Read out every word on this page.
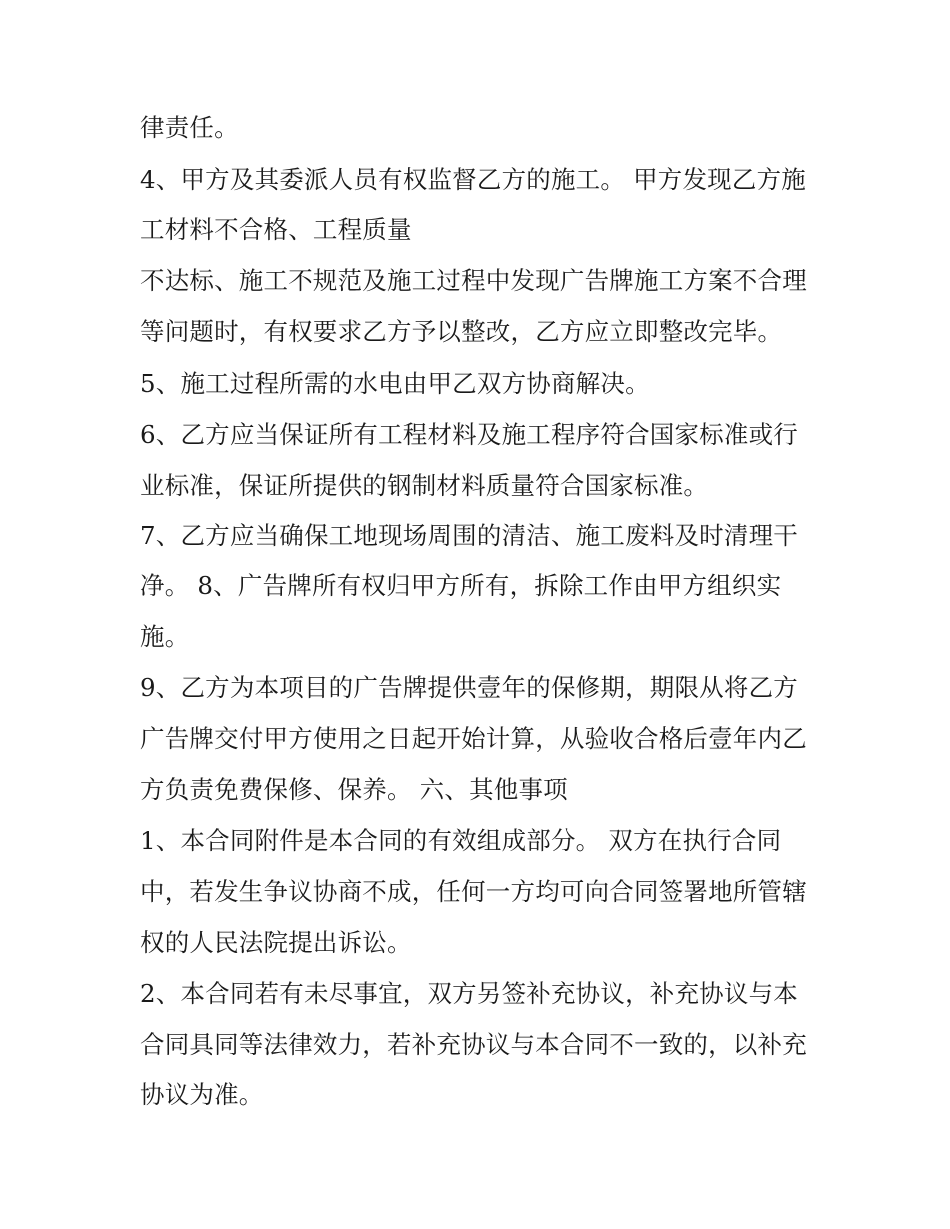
律责任。
4、甲方及其委派人员有权监督乙方的施工。 甲方发现乙方施
工材料不合格、工程质量
不达标、施工不规范及施工过程中发现广告牌施工方案不合理
等问题时，有权要求乙方予以整改，乙方应立即整改完毕。
5、施工过程所需的水电由甲乙双方协商解决。
6、乙方应当保证所有工程材料及施工程序符合国家标准或行
业标准，保证所提供的钢制材料质量符合国家标准。
7、乙方应当确保工地现场周围的清洁、施工废料及时清理干
净。 8、广告牌所有权归甲方所有，拆除工作由甲方组织实
施。
9、乙方为本项目的广告牌提供壹年的保修期，期限从将乙方
广告牌交付甲方使用之日起开始计算，从验收合格后壹年内乙
方负责免费保修、保养。 六、其他事项
1、本合同附件是本合同的有效组成部分。 双方在执行合同
中，若发生争议协商不成，任何一方均可向合同签署地所管辖
权的人民法院提出诉讼。
2、本合同若有未尽事宜，双方另签补充协议，补充协议与本
合同具同等法律效力，若补充协议与本合同不一致的，以补充
协议为准。
